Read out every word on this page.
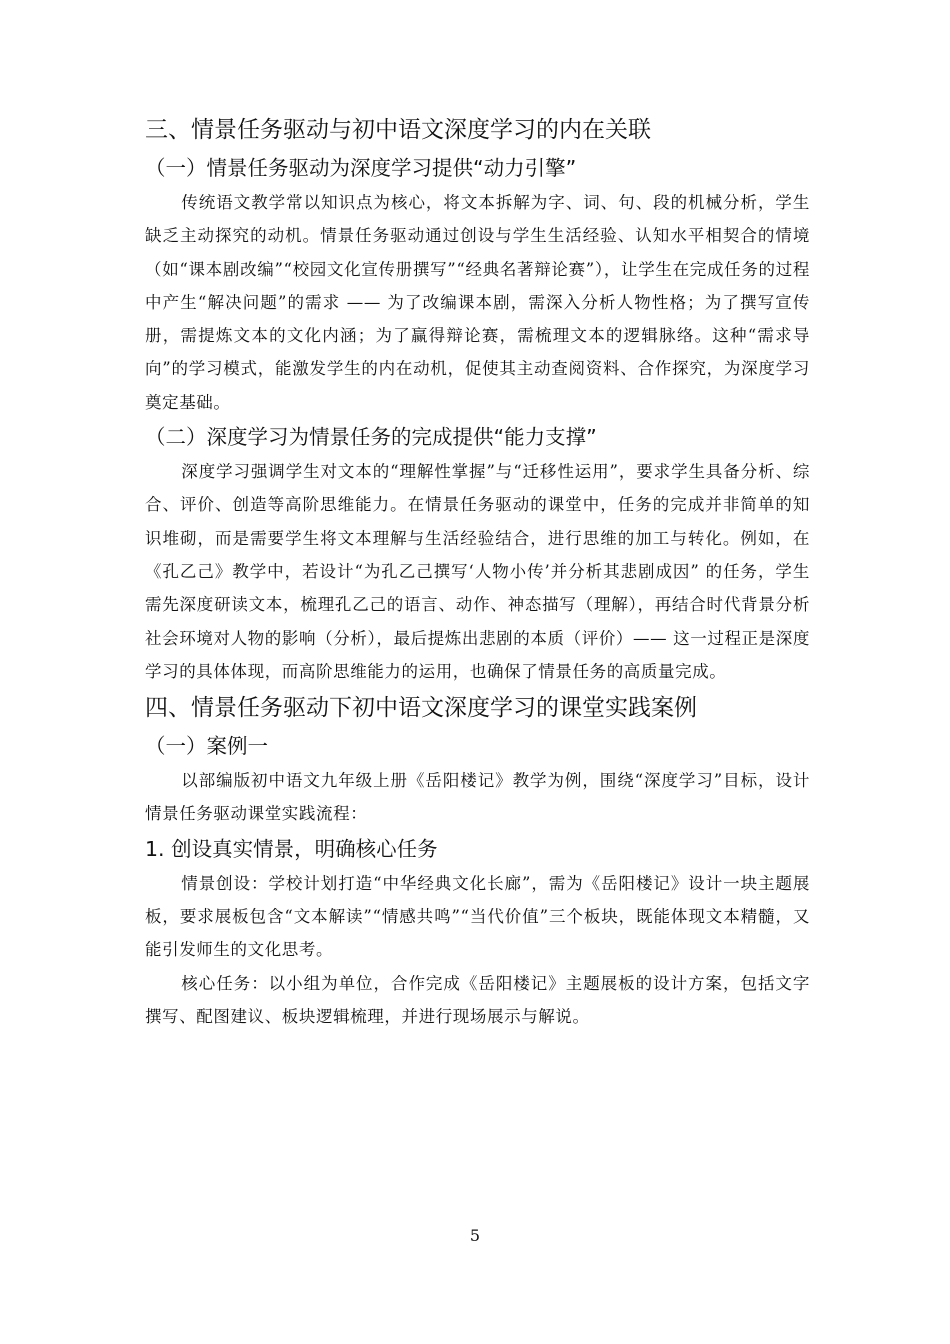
三、情景任务驱动与初中语文深度学习的内在关联
（一）情景任务驱动为深度学习提供“动力引擎”

传统语文教学常以知识点为核心，将文本拆解为字、词、句、段的机械分析，学生缺乏主动探究的动机。情景任务驱动通过创设与学生生活经验、认知水平相契合的情境（如“课本剧改编”“校园文化宣传册撰写”“经典名著辩论赛”），让学生在完成任务的过程中产生“解决问题”的需求 —— 为了改编课本剧，需深入分析人物性格；为了撰写宣传册，需提炼文本的文化内涵；为了赢得辩论赛，需梳理文本的逻辑脉络。这种“需求导向”的学习模式，能激发学生的内在动机，促使其主动查阅资料、合作探究，为深度学习奠定基础。

（二）深度学习为情景任务的完成提供“能力支撑”

深度学习强调学生对文本的“理解性掌握”与“迁移性运用”，要求学生具备分析、综合、评价、创造等高阶思维能力。在情景任务驱动的课堂中，任务的完成并非简单的知识堆砌，而是需要学生将文本理解与生活经验结合，进行思维的加工与转化。例如，在《孔乙己》教学中，若设计“为孔乙己撰写‘人物小传’并分析其悲剧成因” 的任务，学生需先深度研读文本，梳理孔乙己的语言、动作、神态描写（理解），再结合时代背景分析社会环境对人物的影响（分析），最后提炼出悲剧的本质（评价）—— 这一过程正是深度学习的具体体现，而高阶思维能力的运用，也确保了情景任务的高质量完成。

四、情景任务驱动下初中语文深度学习的课堂实践案例
（一）案例一

以部编版初中语文九年级上册《岳阳楼记》教学为例，围绕“深度学习”目标，设计情景任务驱动课堂实践流程：

1. 创设真实情景，明确核心任务

情景创设：学校计划打造“中华经典文化长廊”，需为《岳阳楼记》设计一块主题展板，要求展板包含“文本解读”“情感共鸣”“当代价值”三个板块，既能体现文本精髓，又能引发师生的文化思考。

核心任务：以小组为单位，合作完成《岳阳楼记》主题展板的设计方案，包括文字撰写、配图建议、板块逻辑梳理，并进行现场展示与解说。

5
